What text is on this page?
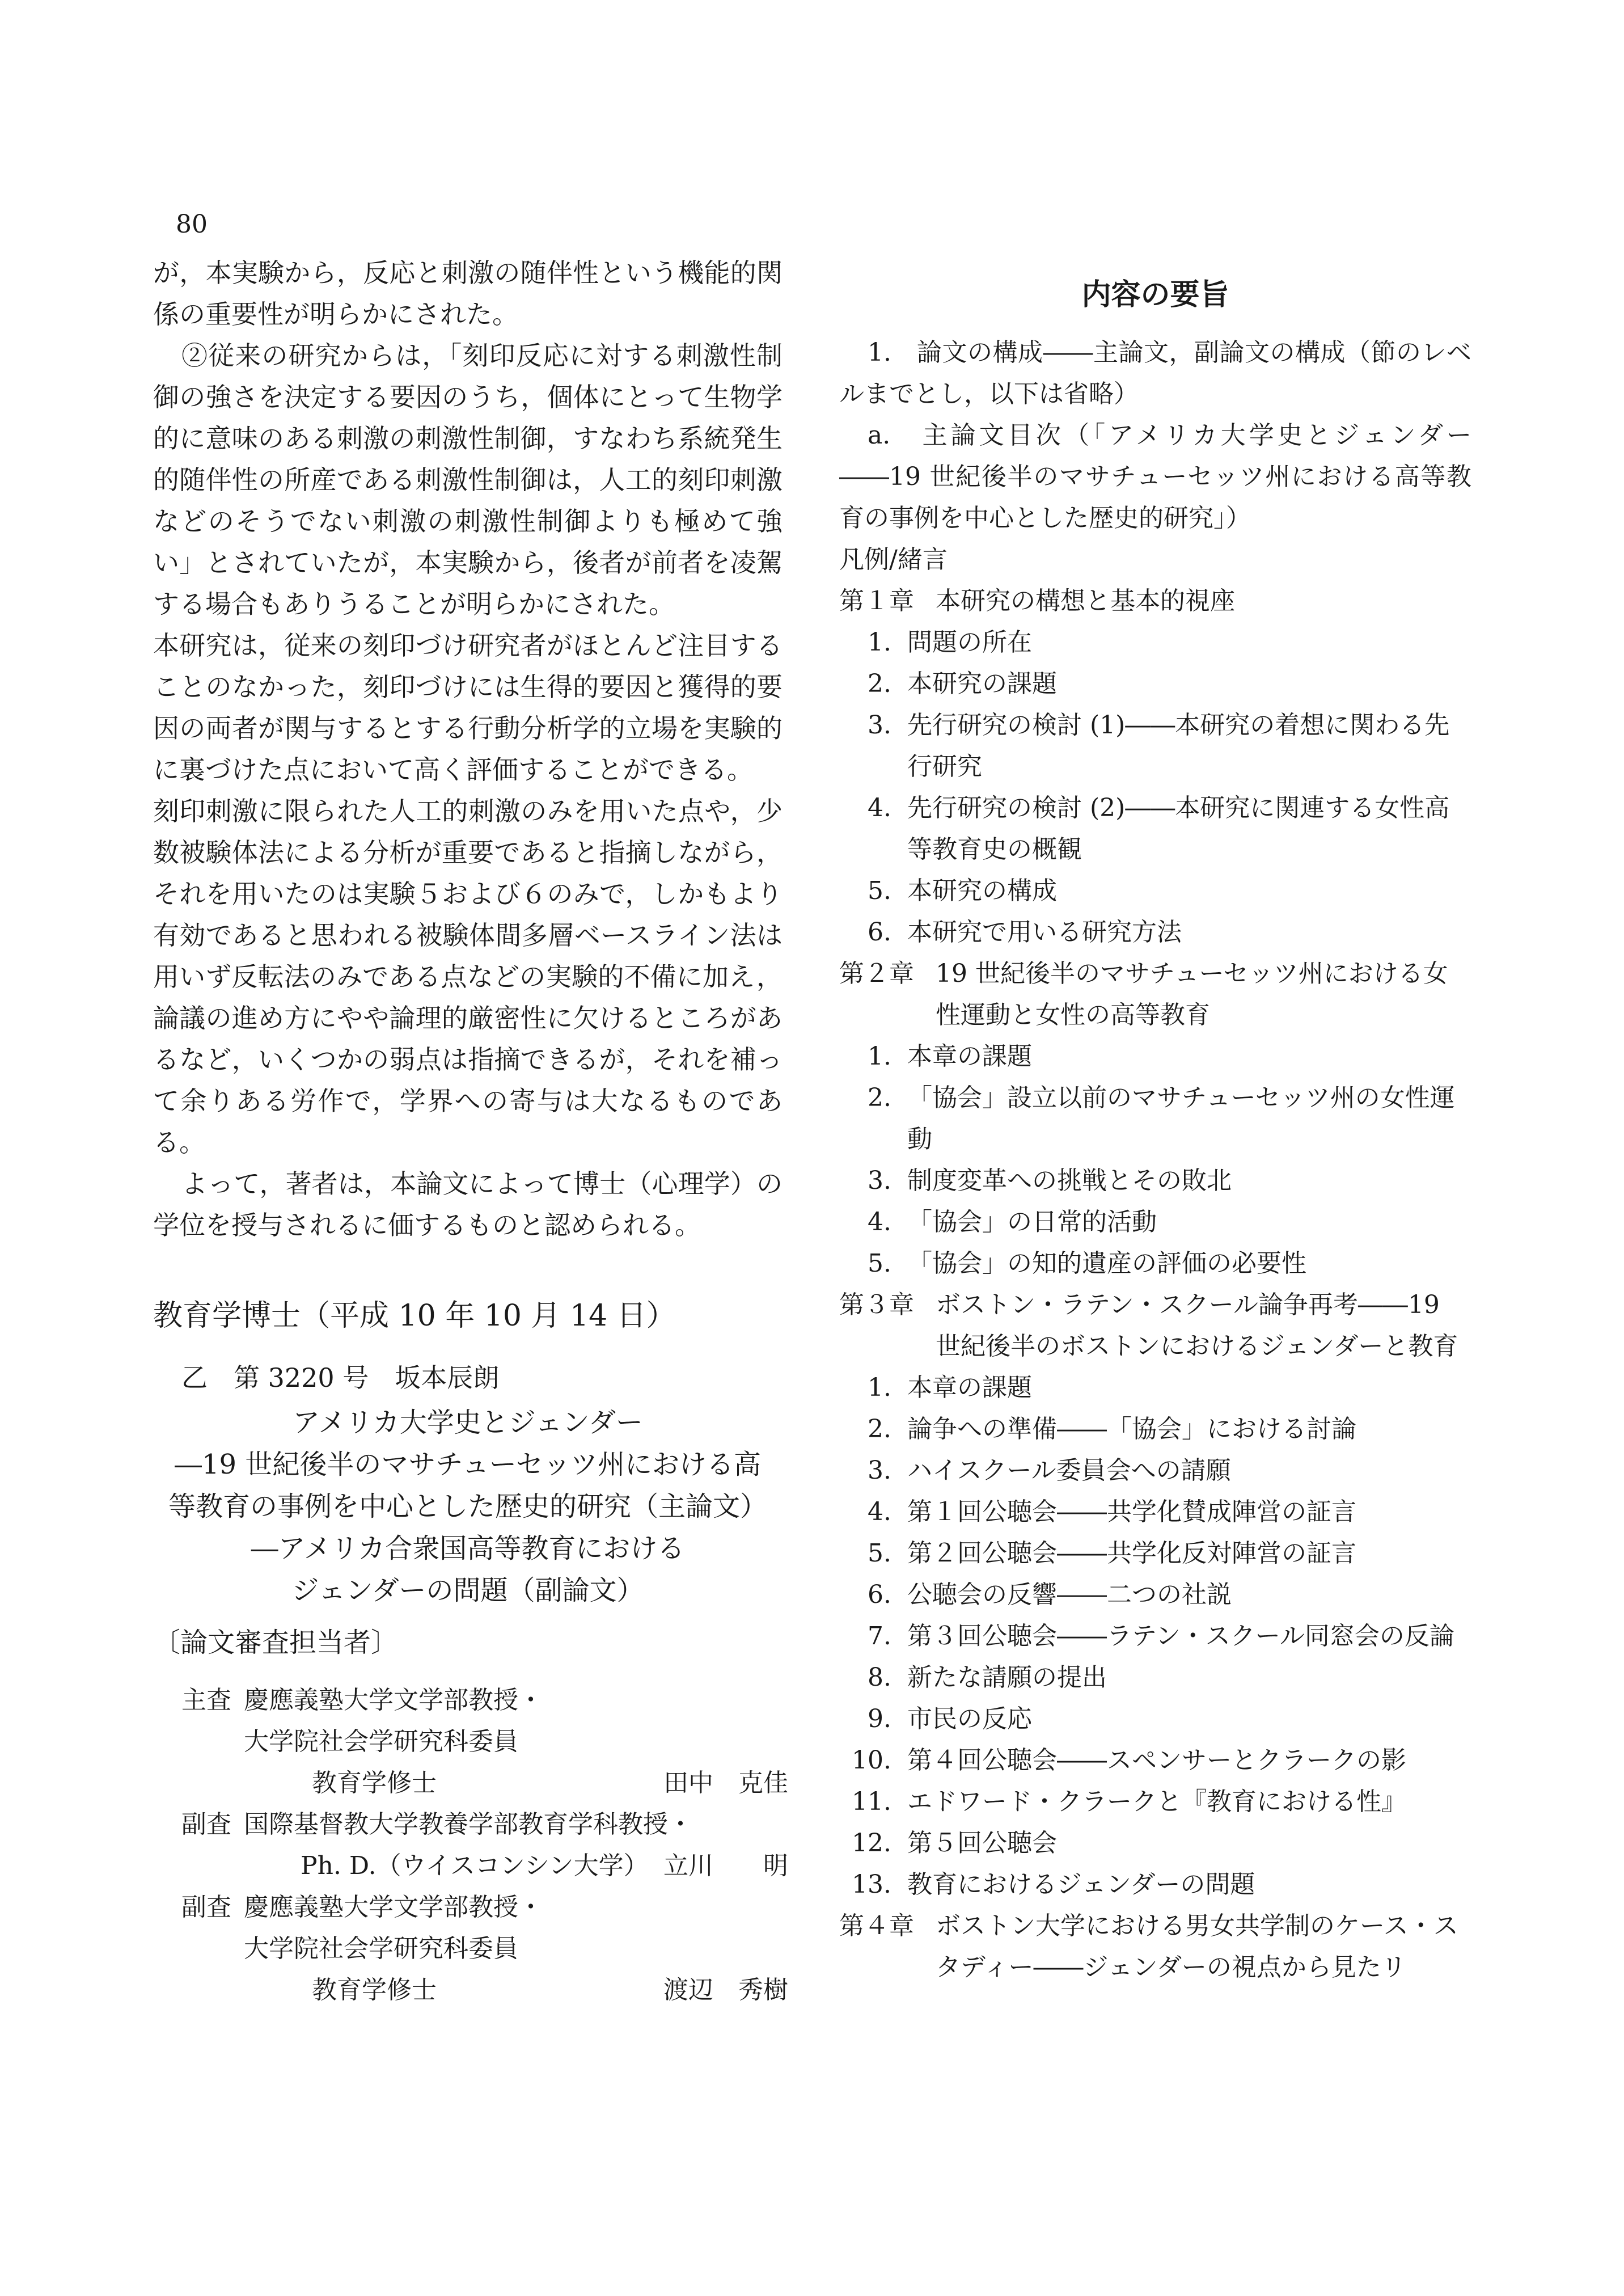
80

が，本実験から，反応と刺激の随伴性という機能的関係の重要性が明らかにされた。

②従来の研究からは，「刻印反応に対する刺激性制御の強さを決定する要因のうち，個体にとって生物学的に意味のある刺激の刺激性制御，すなわち系統発生的随伴性の所産である刺激性制御は，人工的刻印刺激などのそうでない刺激の刺激性制御よりも極めて強い」とされていたが，本実験から，後者が前者を凌駕する場合もありうることが明らかにされた。

本研究は，従来の刻印づけ研究者がほとんど注目することのなかった，刻印づけには生得的要因と獲得的要因の両者が関与するとする行動分析学的立場を実験的に裏づけた点において高く評価することができる。

刻印刺激に限られた人工的刺激のみを用いた点や，少数被験体法による分析が重要であると指摘しながら，それを用いたのは実験５および６のみで，しかもより有効であると思われる被験体間多層ベースライン法は用いず反転法のみである点などの実験的不備に加え，論議の進め方にやや論理的厳密性に欠けるところがあるなど，いくつかの弱点は指摘できるが，それを補って余りある労作で，学界への寄与は大なるものである。

よって，著者は，本論文によって博士（心理学）の学位を授与されるに価するものと認められる。

教育学博士（平成 10 年 10 月 14 日）
乙　第 3220 号　坂本辰朗
アメリカ大学史とジェンダー
―19 世紀後半のマサチューセッツ州における高
等教育の事例を中心とした歴史的研究（主論文）
―アメリカ合衆国高等教育における
ジェンダーの問題（副論文）
〔論文審査担当者〕
主査 慶應義塾大学文学部教授・
大学院社会学研究科委員
教育学修士	田中　克佳
副査 国際基督教大学教養学部教育学科教授・
Ph. D.（ウイスコンシン大学） 立川　　明
副査 慶應義塾大学文学部教授・
大学院社会学研究科委員
教育学修士	渡辺　秀樹
内容の要旨

1.　論文の構成――主論文，副論文の構成（節のレベルまでとし，以下は省略）

a.　主論文目次（「アメリカ大学史とジェンダー――19 世紀後半のマサチューセッツ州における高等教育の事例を中心とした歴史的研究」）

凡例/緒言

第１章 本研究の構想と基本的視座
1. 問題の所在
2. 本研究の課題
3. 先行研究の検討 (1)――本研究の着想に関わる先行研究
4. 先行研究の検討 (2)――本研究に関連する女性高等教育史の概観
5. 本研究の構成
6. 本研究で用いる研究方法
第２章 19 世紀後半のマサチューセッツ州における女性運動と女性の高等教育
1. 本章の課題
2. 「協会」設立以前のマサチューセッツ州の女性運動
3. 制度変革への挑戦とその敗北
4. 「協会」の日常的活動
5. 「協会」の知的遺産の評価の必要性
第３章 ボストン・ラテン・スクール論争再考――19 世紀後半のボストンにおけるジェンダーと教育
1. 本章の課題
2. 論争への準備――「協会」における討論
3. ハイスクール委員会への請願
4. 第１回公聴会――共学化賛成陣営の証言
5. 第２回公聴会――共学化反対陣営の証言
6. 公聴会の反響――二つの社説
7. 第３回公聴会――ラテン・スクール同窓会の反論
8. 新たな請願の提出
9. 市民の反応
10. 第４回公聴会――スペンサーとクラークの影
11. エドワード・クラークと『教育における性』
12. 第５回公聴会
13. 教育におけるジェンダーの問題
第４章 ボストン大学における男女共学制のケース・スタディー――ジェンダーの視点から見たリ
